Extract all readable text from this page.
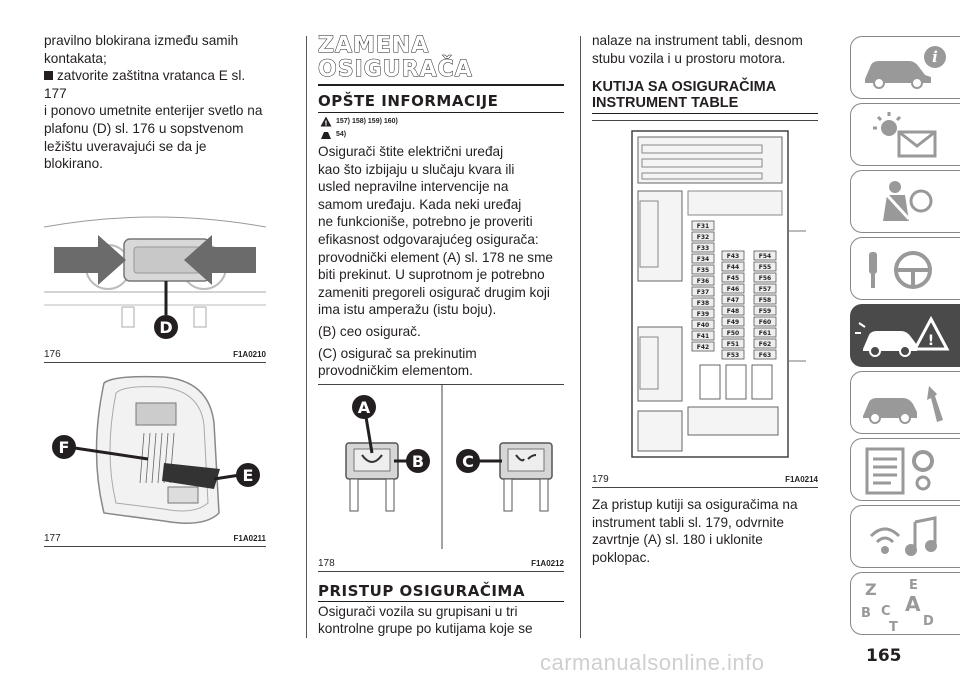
pravilno blokirana između samih

kontakata;

zatvorite zaštitna vratanca E sl. 177

i ponovo umetnite enterijer svetlo na

plafonu (D) sl. 176 u sopstvenom

ležištu uveravajući se da je blokirano.

D
176	F1A0210
F
E
177	F1A0211
ZAMENA
OSIGURAČA
OPŠTE INFORMACIJE
! 157) 158) 159) 160)
54)

Osigurači štite električni uređaj

kao što izbijaju u slučaju kvara ili

usled nepravilne intervencije na

samom uređaju. Kada neki uređaj

ne funkcioniše, potrebno je proveriti

efikasnost odgovarajućeg osigurača:

provodnički element (A) sl. 178 ne sme

biti prekinut. U suprotnom je potrebno

zameniti pregoreli osigurač drugim koji

ima istu amperažu (istu boju).

(B) ceo osigurač.

(C) osigurač sa prekinutim

provodničkim elementom.

A
B C
178	F1A0212
PRISTUP OSIGURAČIMA

Osigurači vozila su grupisani u tri

kontrolne grupe po kutijama koje se

nalaze na instrument tabli, desnom

stubu vozila i u prostoru motora.

KUTIJA SA OSIGURAČIMA
INSTRUMENT TABLE
F31
F32
F33
F34
F35
F36
F37
F38
F39
F40
F41
F42
F43
F44
F45
F46
F47
F48
F49
F50
F51
F53
F54
F55
F56
F57
F58
F59
F60
F61
F62
F63
179	F1A0214

Za pristup kutiji sa osiguračima na

instrument tabli sl. 179, odvrnite

zavrtnje (A) sl. 180 i uklonite poklopac.

i
!
Z E
B A
C
T D
carmanualsonline.info	165
